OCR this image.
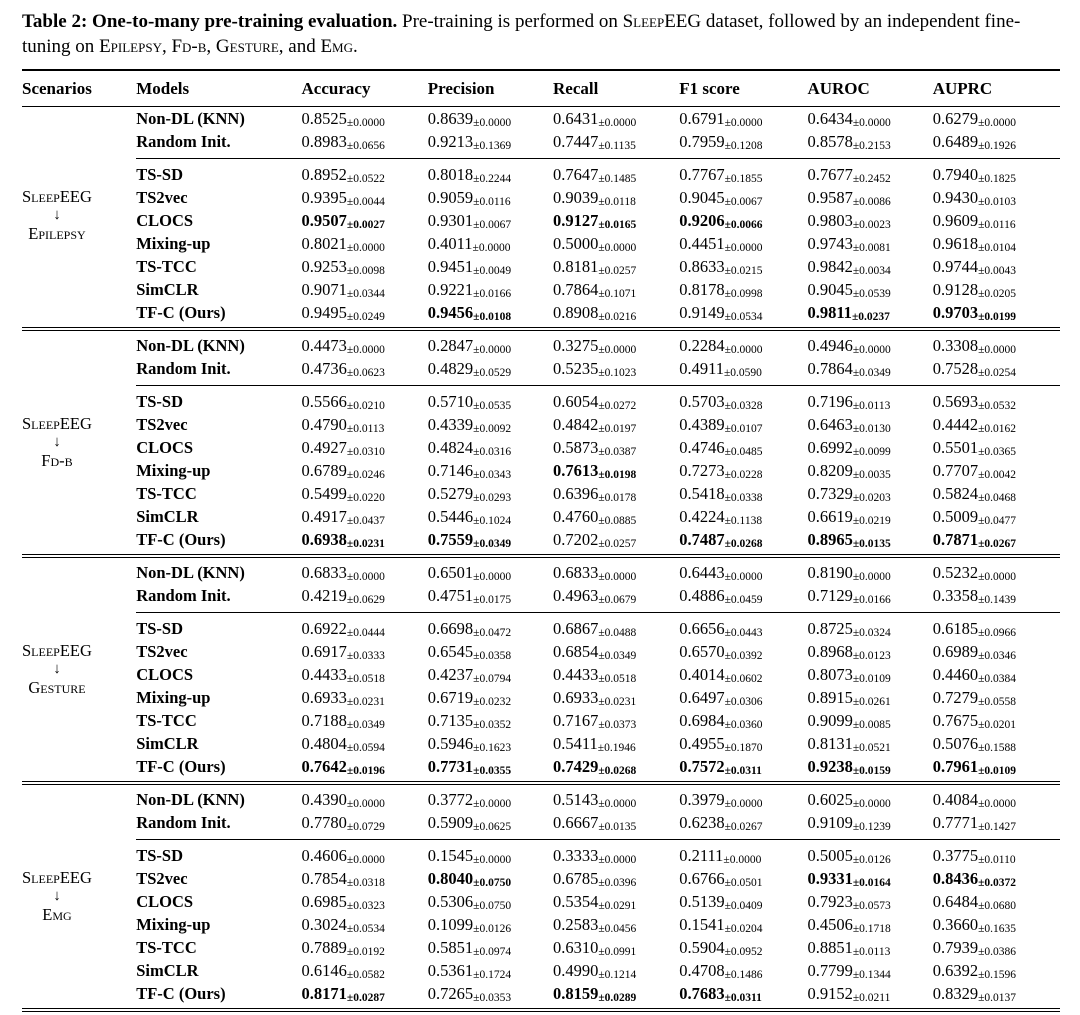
Table 2: One-to-many pre-training evaluation. Pre-training is performed on SleepEEG dataset, followed by an independent fine-tuning on Epilepsy, Fd-b, Gesture, and Emg.
Scenarios	Models	Accuracy	Precision	Recall	F1 score	AUROC	AUPRC

SleepEEG
↓
Epilepsy	Non-DL (KNN)	0.8525±0.0000	0.8639±0.0000	0.6431±0.0000	0.6791±0.0000	0.6434±0.0000	0.6279±0.0000
	Random Init.	0.8983±0.0656	0.9213±0.1369	0.7447±0.1135	0.7959±0.1208	0.8578±0.2153	0.6489±0.1926
	TS-SD	0.8952±0.0522	0.8018±0.2244	0.7647±0.1485	0.7767±0.1855	0.7677±0.2452	0.7940±0.1825
	TS2vec	0.9395±0.0044	0.9059±0.0116	0.9039±0.0118	0.9045±0.0067	0.9587±0.0086	0.9430±0.0103
	CLOCS	0.9507±0.0027	0.9301±0.0067	0.9127±0.0165	0.9206±0.0066	0.9803±0.0023	0.9609±0.0116
	Mixing-up	0.8021±0.0000	0.4011±0.0000	0.5000±0.0000	0.4451±0.0000	0.9743±0.0081	0.9618±0.0104
	TS-TCC	0.9253±0.0098	0.9451±0.0049	0.8181±0.0257	0.8633±0.0215	0.9842±0.0034	0.9744±0.0043
	SimCLR	0.9071±0.0344	0.9221±0.0166	0.7864±0.1071	0.8178±0.0998	0.9045±0.0539	0.9128±0.0205
	TF-C (Ours)	0.9495±0.0249	0.9456±0.0108	0.8908±0.0216	0.9149±0.0534	0.9811±0.0237	0.9703±0.0199

SleepEEG
↓
Fd-b	Non-DL (KNN)	0.4473±0.0000	0.2847±0.0000	0.3275±0.0000	0.2284±0.0000	0.4946±0.0000	0.3308±0.0000
	Random Init.	0.4736±0.0623	0.4829±0.0529	0.5235±0.1023	0.4911±0.0590	0.7864±0.0349	0.7528±0.0254
	TS-SD	0.5566±0.0210	0.5710±0.0535	0.6054±0.0272	0.5703±0.0328	0.7196±0.0113	0.5693±0.0532
	TS2vec	0.4790±0.0113	0.4339±0.0092	0.4842±0.0197	0.4389±0.0107	0.6463±0.0130	0.4442±0.0162
	CLOCS	0.4927±0.0310	0.4824±0.0316	0.5873±0.0387	0.4746±0.0485	0.6992±0.0099	0.5501±0.0365
	Mixing-up	0.6789±0.0246	0.7146±0.0343	0.7613±0.0198	0.7273±0.0228	0.8209±0.0035	0.7707±0.0042
	TS-TCC	0.5499±0.0220	0.5279±0.0293	0.6396±0.0178	0.5418±0.0338	0.7329±0.0203	0.5824±0.0468
	SimCLR	0.4917±0.0437	0.5446±0.1024	0.4760±0.0885	0.4224±0.1138	0.6619±0.0219	0.5009±0.0477
	TF-C (Ours)	0.6938±0.0231	0.7559±0.0349	0.7202±0.0257	0.7487±0.0268	0.8965±0.0135	0.7871±0.0267

SleepEEG
↓
Gesture	Non-DL (KNN)	0.6833±0.0000	0.6501±0.0000	0.6833±0.0000	0.6443±0.0000	0.8190±0.0000	0.5232±0.0000
	Random Init.	0.4219±0.0629	0.4751±0.0175	0.4963±0.0679	0.4886±0.0459	0.7129±0.0166	0.3358±0.1439
	TS-SD	0.6922±0.0444	0.6698±0.0472	0.6867±0.0488	0.6656±0.0443	0.8725±0.0324	0.6185±0.0966
	TS2vec	0.6917±0.0333	0.6545±0.0358	0.6854±0.0349	0.6570±0.0392	0.8968±0.0123	0.6989±0.0346
	CLOCS	0.4433±0.0518	0.4237±0.0794	0.4433±0.0518	0.4014±0.0602	0.8073±0.0109	0.4460±0.0384
	Mixing-up	0.6933±0.0231	0.6719±0.0232	0.6933±0.0231	0.6497±0.0306	0.8915±0.0261	0.7279±0.0558
	TS-TCC	0.7188±0.0349	0.7135±0.0352	0.7167±0.0373	0.6984±0.0360	0.9099±0.0085	0.7675±0.0201
	SimCLR	0.4804±0.0594	0.5946±0.1623	0.5411±0.1946	0.4955±0.1870	0.8131±0.0521	0.5076±0.1588
	TF-C (Ours)	0.7642±0.0196	0.7731±0.0355	0.7429±0.0268	0.7572±0.0311	0.9238±0.0159	0.7961±0.0109

SleepEEG
↓
Emg	Non-DL (KNN)	0.4390±0.0000	0.3772±0.0000	0.5143±0.0000	0.3979±0.0000	0.6025±0.0000	0.4084±0.0000
	Random Init.	0.7780±0.0729	0.5909±0.0625	0.6667±0.0135	0.6238±0.0267	0.9109±0.1239	0.7771±0.1427
	TS-SD	0.4606±0.0000	0.1545±0.0000	0.3333±0.0000	0.2111±0.0000	0.5005±0.0126	0.3775±0.0110
	TS2vec	0.7854±0.0318	0.8040±0.0750	0.6785±0.0396	0.6766±0.0501	0.9331±0.0164	0.8436±0.0372
	CLOCS	0.6985±0.0323	0.5306±0.0750	0.5354±0.0291	0.5139±0.0409	0.7923±0.0573	0.6484±0.0680
	Mixing-up	0.3024±0.0534	0.1099±0.0126	0.2583±0.0456	0.1541±0.0204	0.4506±0.1718	0.3660±0.1635
	TS-TCC	0.7889±0.0192	0.5851±0.0974	0.6310±0.0991	0.5904±0.0952	0.8851±0.0113	0.7939±0.0386
	SimCLR	0.6146±0.0582	0.5361±0.1724	0.4990±0.1214	0.4708±0.1486	0.7799±0.1344	0.6392±0.1596
	TF-C (Ours)	0.8171±0.0287	0.7265±0.0353	0.8159±0.0289	0.7683±0.0311	0.9152±0.0211	0.8329±0.0137
